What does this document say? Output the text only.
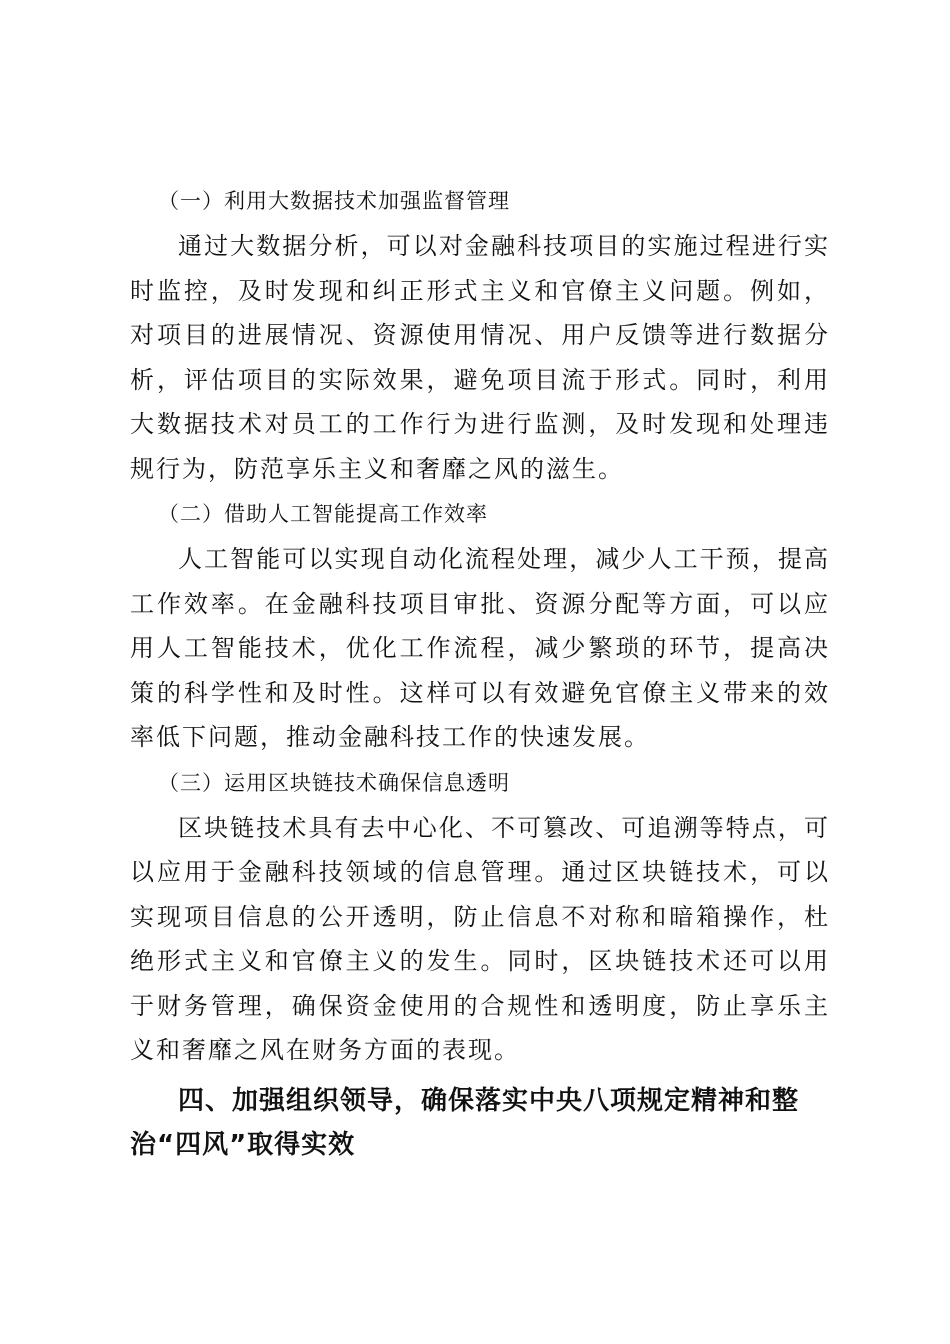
（一）利用大数据技术加强监督管理

通过大数据分析，可以对金融科技项目的实施过程进行实时监控，及时发现和纠正形式主义和官僚主义问题。例如，对项目的进展情况、资源使用情况、用户反馈等进行数据分析，评估项目的实际效果，避免项目流于形式。同时，利用大数据技术对员工的工作行为进行监测，及时发现和处理违规行为，防范享乐主义和奢靡之风的滋生。

（二）借助人工智能提高工作效率

人工智能可以实现自动化流程处理，减少人工干预，提高工作效率。在金融科技项目审批、资源分配等方面，可以应用人工智能技术，优化工作流程，减少繁琐的环节，提高决策的科学性和及时性。这样可以有效避免官僚主义带来的效率低下问题，推动金融科技工作的快速发展。

（三）运用区块链技术确保信息透明

区块链技术具有去中心化、不可篡改、可追溯等特点，可以应用于金融科技领域的信息管理。通过区块链技术，可以实现项目信息的公开透明，防止信息不对称和暗箱操作，杜绝形式主义和官僚主义的发生。同时，区块链技术还可以用于财务管理，确保资金使用的合规性和透明度，防止享乐主义和奢靡之风在财务方面的表现。

四、加强组织领导，确保落实中央八项规定精神和整治“四风”取得实效
